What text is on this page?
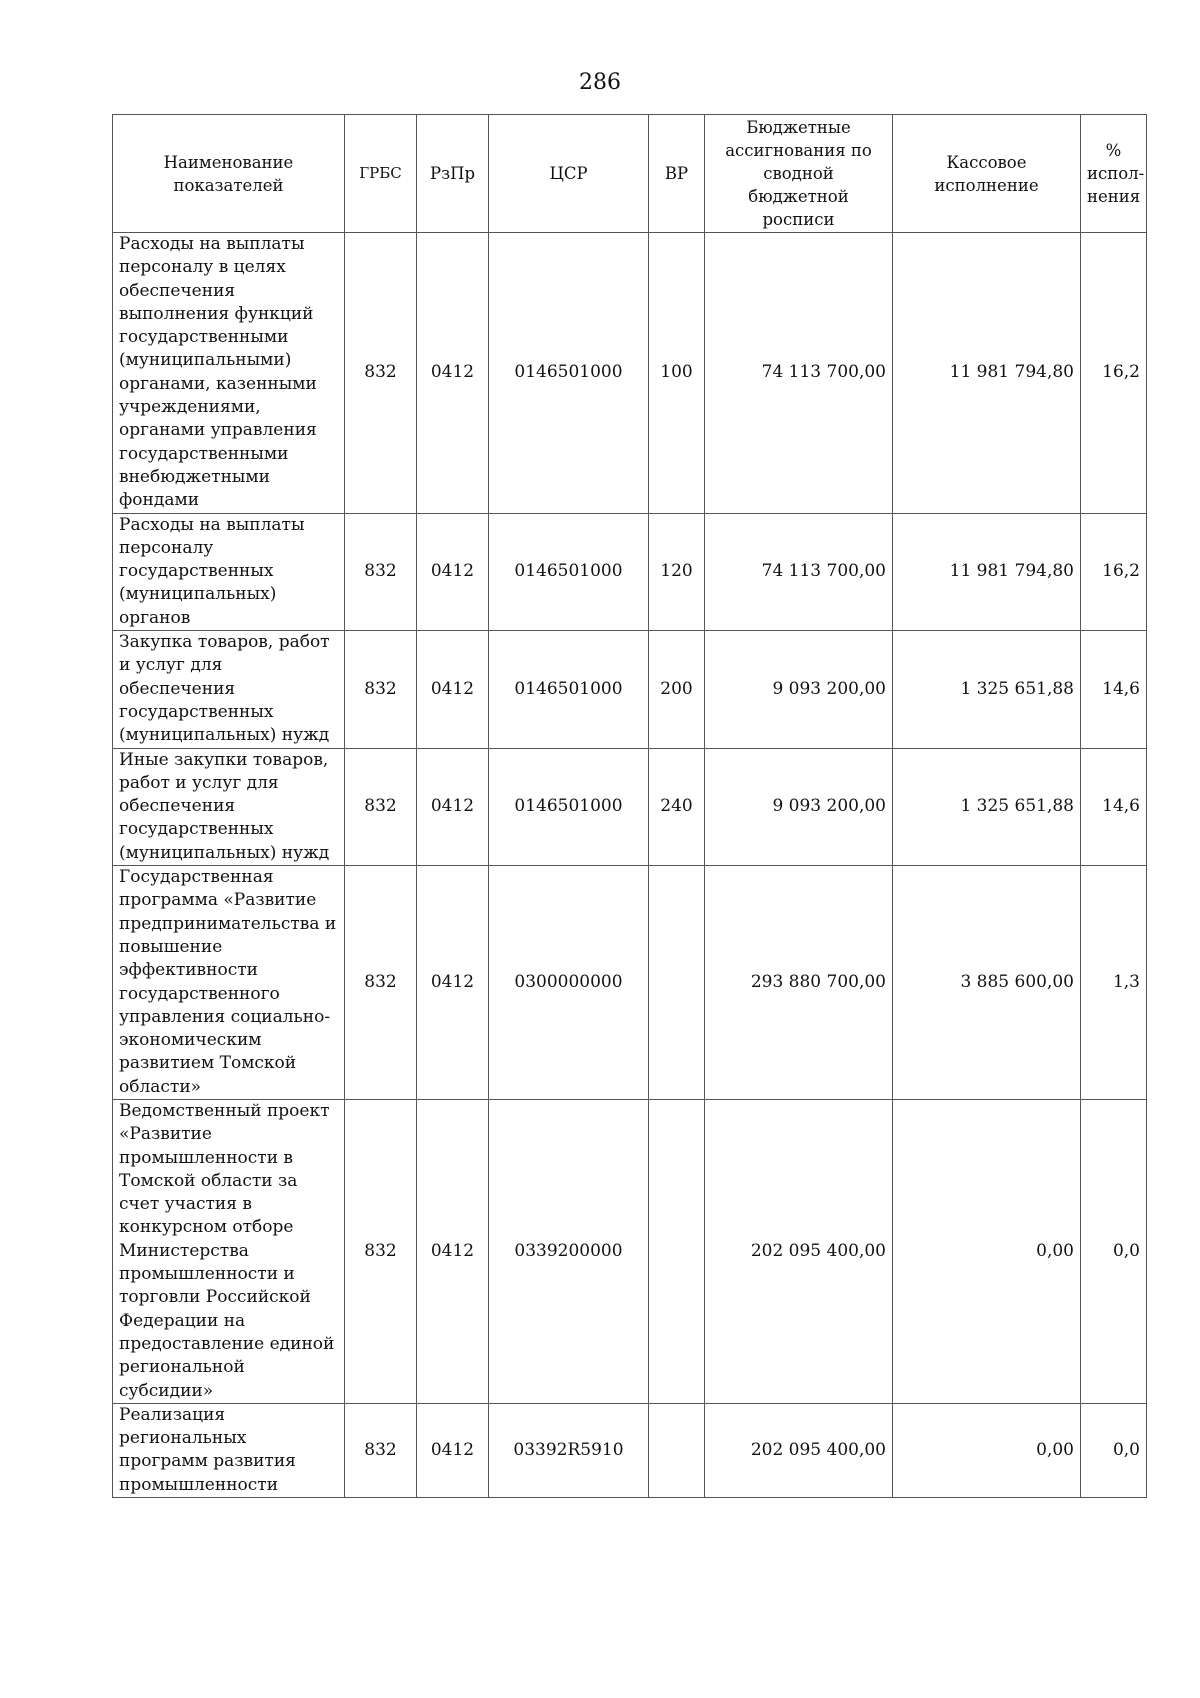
286
Наименование показателей	ГРБС	РзПр	ЦСР	ВР	Бюджетные ассигнования по сводной бюджетной росписи	Кассовое исполнение	% испол-нения
Расходы на выплаты персоналу в целях обеспечения выполнения функций государственными (муниципальными) органами, казенными учреждениями, органами управления государственными внебюджетными фондами	832	0412	0146501000	100	74 113 700,00	11 981 794,80	16,2
Расходы на выплаты персоналу государственных (муниципальных) органов	832	0412	0146501000	120	74 113 700,00	11 981 794,80	16,2
Закупка товаров, работ и услуг для обеспечения государственных (муниципальных) нужд	832	0412	0146501000	200	9 093 200,00	1 325 651,88	14,6
Иные закупки товаров, работ и услуг для обеспечения государственных (муниципальных) нужд	832	0412	0146501000	240	9 093 200,00	1 325 651,88	14,6
Государственная программа «Развитие предпринимательства и повышение эффективности государственного управления социально-экономическим развитием Томской области»	832	0412	0300000000		293 880 700,00	3 885 600,00	1,3
Ведомственный проект «Развитие промышленности в Томской области за счет участия в конкурсном отборе Министерства промышленности и торговли Российской Федерации на предоставление единой региональной субсидии»	832	0412	0339200000		202 095 400,00	0,00	0,0
Реализация региональных программ развития промышленности	832	0412	03392R5910		202 095 400,00	0,00	0,0
